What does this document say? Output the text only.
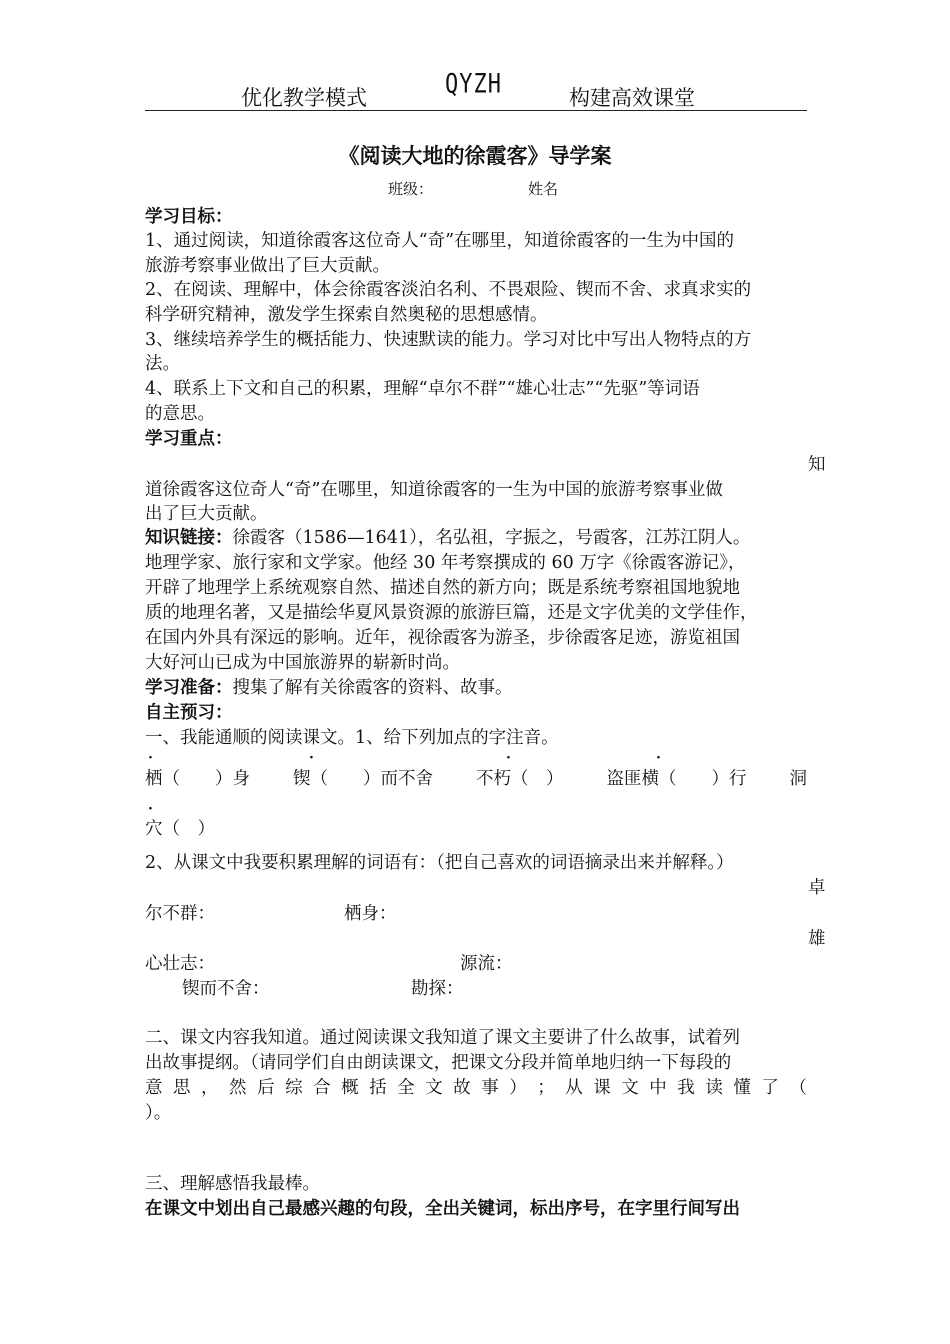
优化教学模式	QYZH	构建高效课堂
《阅读大地的徐霞客》导学案
班级：	姓名
学习目标：
1、通过阅读，知道徐霞客这位奇人“奇”在哪里，知道徐霞客的一生为中国的
旅游考察事业做出了巨大贡献。
2、在阅读、理解中，体会徐霞客淡泊名利、不畏艰险、锲而不舍、求真求实的
科学研究精神，激发学生探索自然奥秘的思想感情。
3、继续培养学生的概括能力、快速默读的能力。学习对比中写出人物特点的方
法。
4、联系上下文和自己的积累，理解“卓尔不群”“雄心壮志”“先驱”等词语
的意思。
学习重点：
知
道徐霞客这位奇人“奇”在哪里，知道徐霞客的一生为中国的旅游考察事业做
出了巨大贡献。
知识链接：徐霞客（1586—1641），名弘祖，字振之，号霞客，江苏江阴人。
地理学家、旅行家和文学家。他经 30 年考察撰成的 60 万字《徐霞客游记》，
开辟了地理学上系统观察自然、描述自然的新方向；既是系统考察祖国地貌地
质的地理名著，又是描绘华夏风景资源的旅游巨篇，还是文字优美的文学佳作，
在国内外具有深远的影响。近年，视徐霞客为游圣，步徐霞客足迹，游览祖国
大好河山已成为中国旅游界的崭新时尚。
学习准备：搜集了解有关徐霞客的资料、故事。
自主预习：
一、我能通顺的阅读课文。1、给下列加点的字注音。
·	·	·	·
栖（　　）身 锲（　　）而不舍 不朽（　） 盗匪横（　　）行 洞
·
穴（　）
2、从课文中我要积累理解的词语有：（把自己喜欢的词语摘录出来并解释。）
卓
尔不群：	栖身：
雄
心壮志：	源流：
锲而不舍：	勘探：
二、课文内容我知道。通过阅读课文我知道了课文主要讲了什么故事，试着列
出故事提纲。（请同学们自由朗读课文，把课文分段并简单地归纳一下每段的
意 思 ， 然 后 综 合 概 括 全 文 故 事 ） ； 从 课 文 中 我 读 懂 了 （
）。
三、理解感悟我最棒。
在课文中划出自己最感兴趣的句段，全出关键词，标出序号，在字里行间写出
